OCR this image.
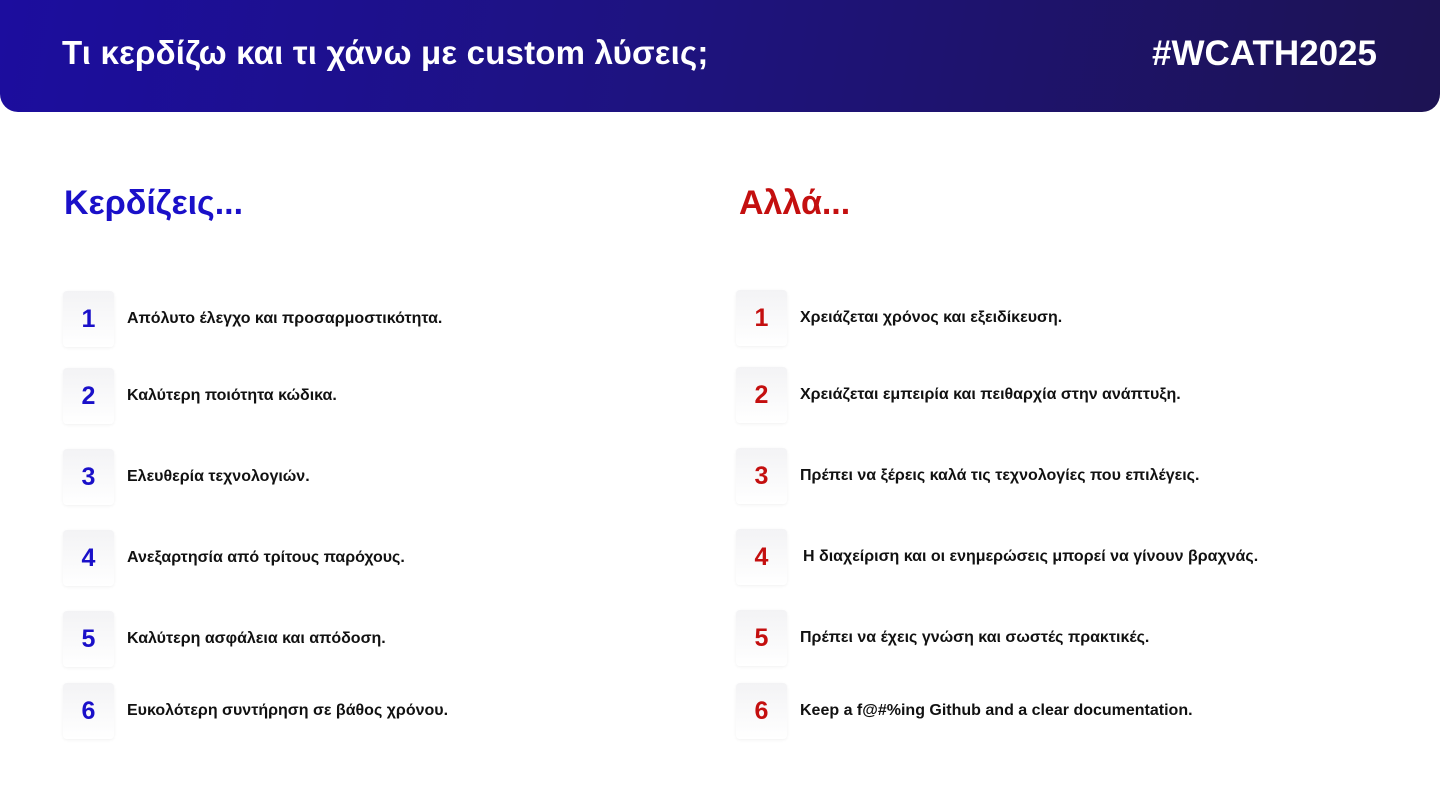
Τι κερδίζω και τι χάνω με custom λύσεις;	#WCATH2025
Κερδίζεις...	Αλλά...
1	Απόλυτο έλεγχο και προσαρμοστικότητα.
2	Καλύτερη ποιότητα κώδικα.
3	Ελευθερία τεχνολογιών.
4	Ανεξαρτησία από τρίτους παρόχους.
5	Καλύτερη ασφάλεια και απόδοση.
6	Ευκολότερη συντήρηση σε βάθος χρόνου.
1	Χρειάζεται χρόνος και εξειδίκευση.
2	Χρειάζεται εμπειρία και πειθαρχία στην ανάπτυξη.
3	Πρέπει να ξέρεις καλά τις τεχνολογίες που επιλέγεις.
4	Η διαχείριση και οι ενημερώσεις μπορεί να γίνουν βραχνάς.
5	Πρέπει να έχεις γνώση και σωστές πρακτικές.
6	Keep a f@#%ing Github and a clear documentation.
